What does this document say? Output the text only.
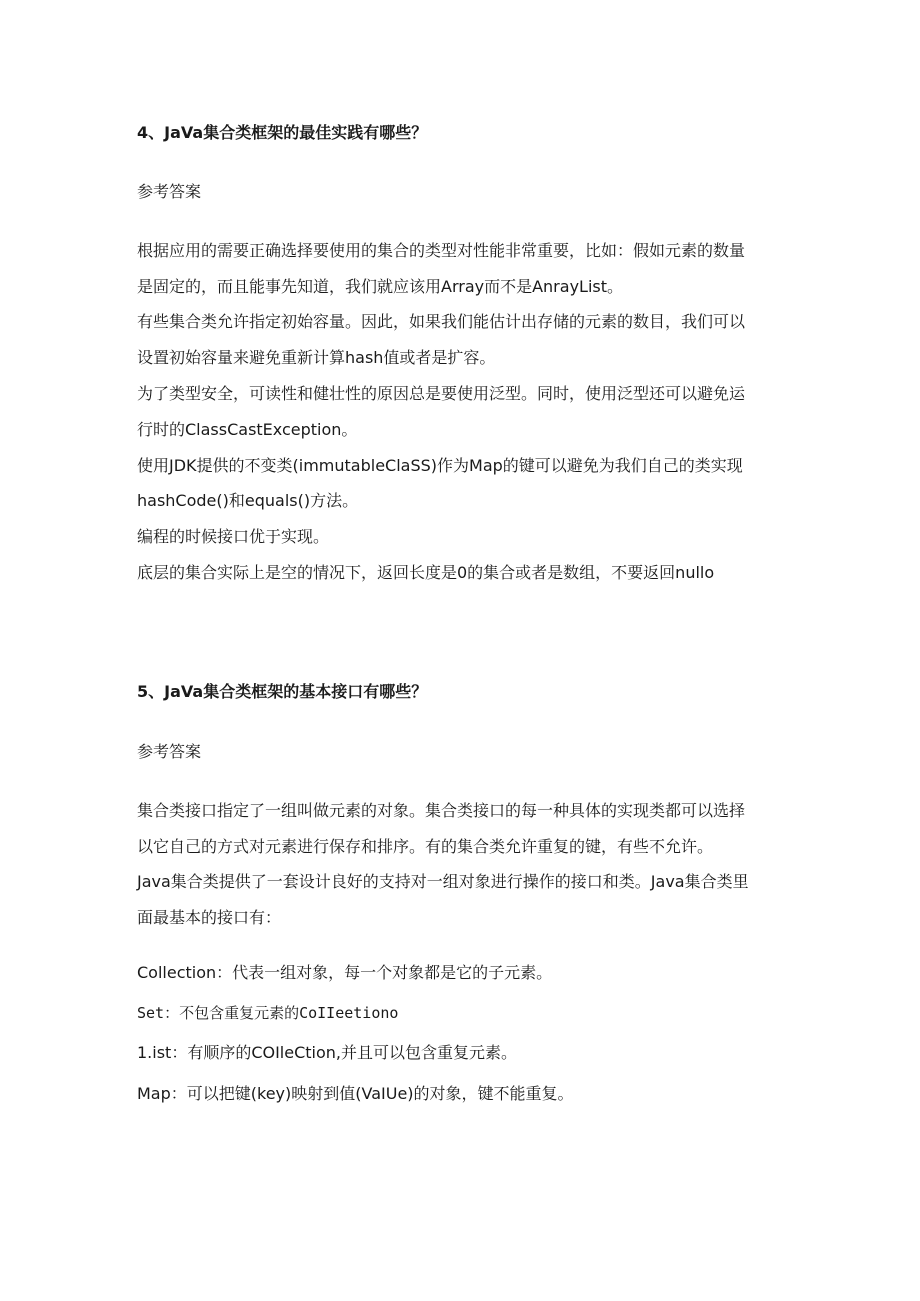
4、JaVa集合类框架的最佳实践有哪些？
参考答案
根据应用的需要正确选择要使用的集合的类型对性能非常重要，比如：假如元素的数量
是固定的，而且能事先知道，我们就应该用Array而不是AnrayList。
有些集合类允许指定初始容量。因此，如果我们能估计出存储的元素的数目，我们可以
设置初始容量来避免重新计算hash值或者是扩容。
为了类型安全，可读性和健壮性的原因总是要使用泛型。同时，使用泛型还可以避免运
行时的ClassCastException。
使用JDK提供的不变类(immutableClaSS)作为Map的键可以避免为我们自己的类实现
hashCode()和equals()方法。
编程的时候接口优于实现。
底层的集合实际上是空的情况下，返回长度是0的集合或者是数组，不要返回nullo
5、JaVa集合类框架的基本接口有哪些？
参考答案
集合类接口指定了一组叫做元素的对象。集合类接口的每一种具体的实现类都可以选择
以它自己的方式对元素进行保存和排序。有的集合类允许重复的键，有些不允许。
Java集合类提供了一套设计良好的支持对一组对象进行操作的接口和类。Java集合类里
面最基本的接口有：
Collection：代表一组对象，每一个对象都是它的子元素。
Set：不包含重复元素的CoIIeetiono
1.ist：有顺序的COIleCtion,并且可以包含重复元素。
Map：可以把键(key)映射到值(VaIUe)的对象，键不能重复。
